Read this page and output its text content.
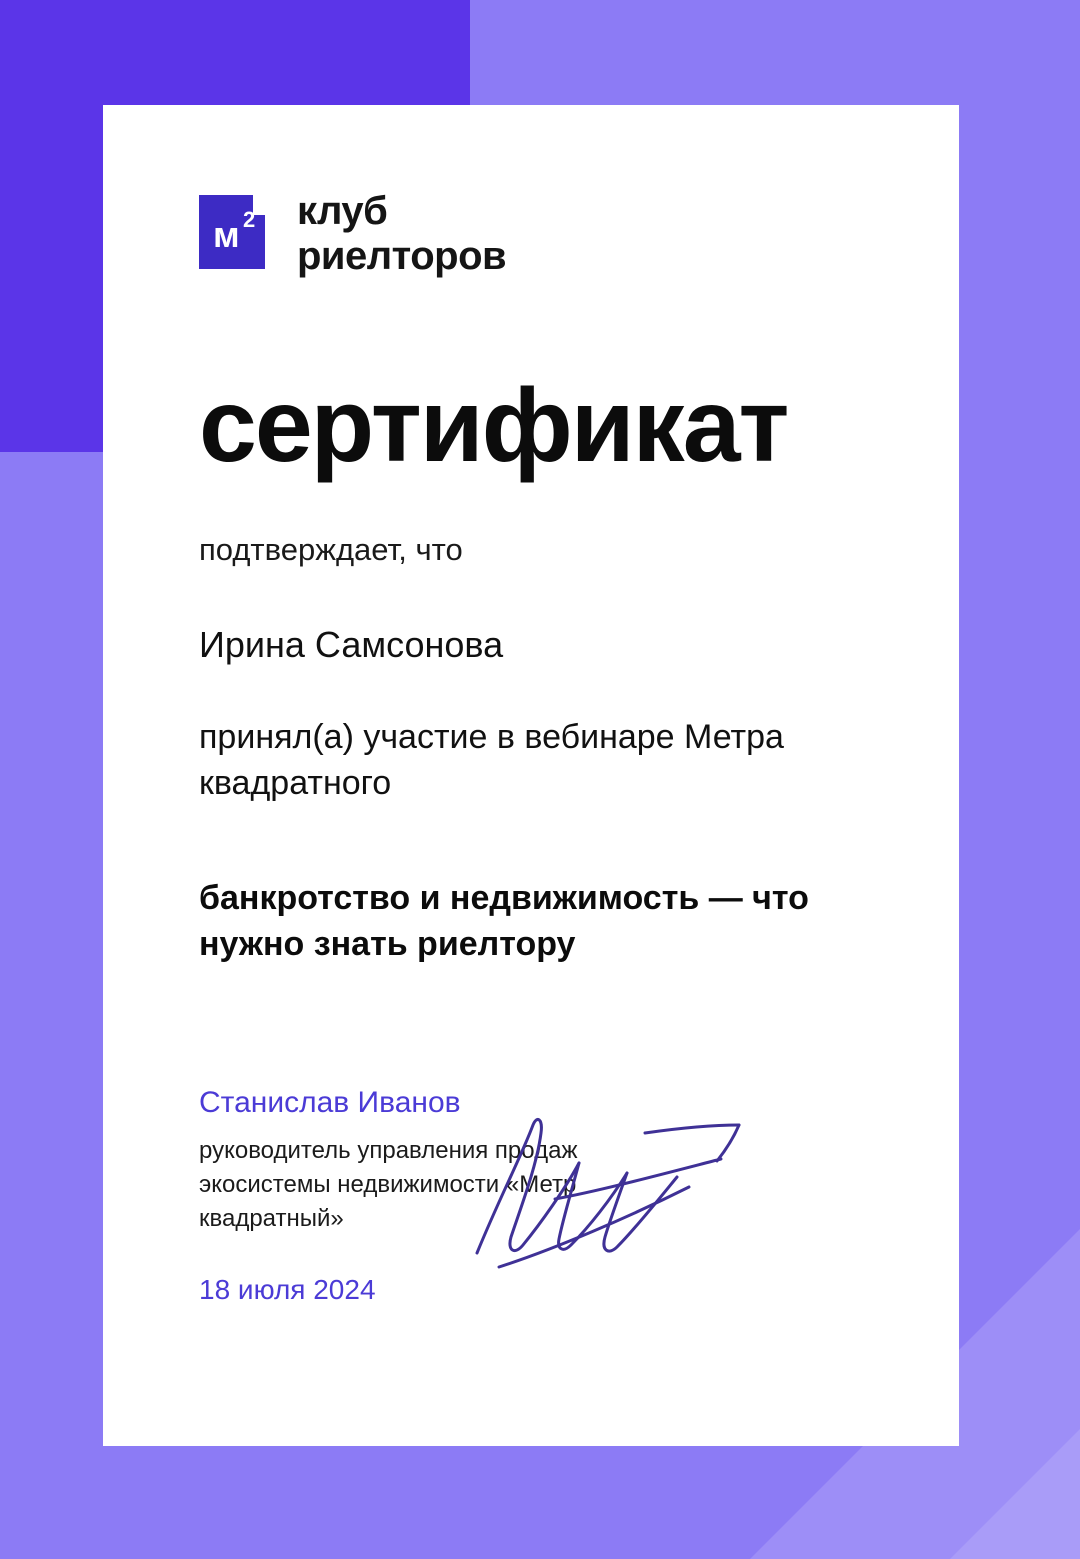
м 2 клуб
риелторов
сертификат
подтверждает, что
Ирина Самсонова
принял(а) участие в вебинаре Метра квадратного
банкротство и недвижимость — что нужно знать риелтору
Станислав Иванов
руководитель управления продаж экосистемы недвижимости «Метр квадратный»
18 июля 2024
